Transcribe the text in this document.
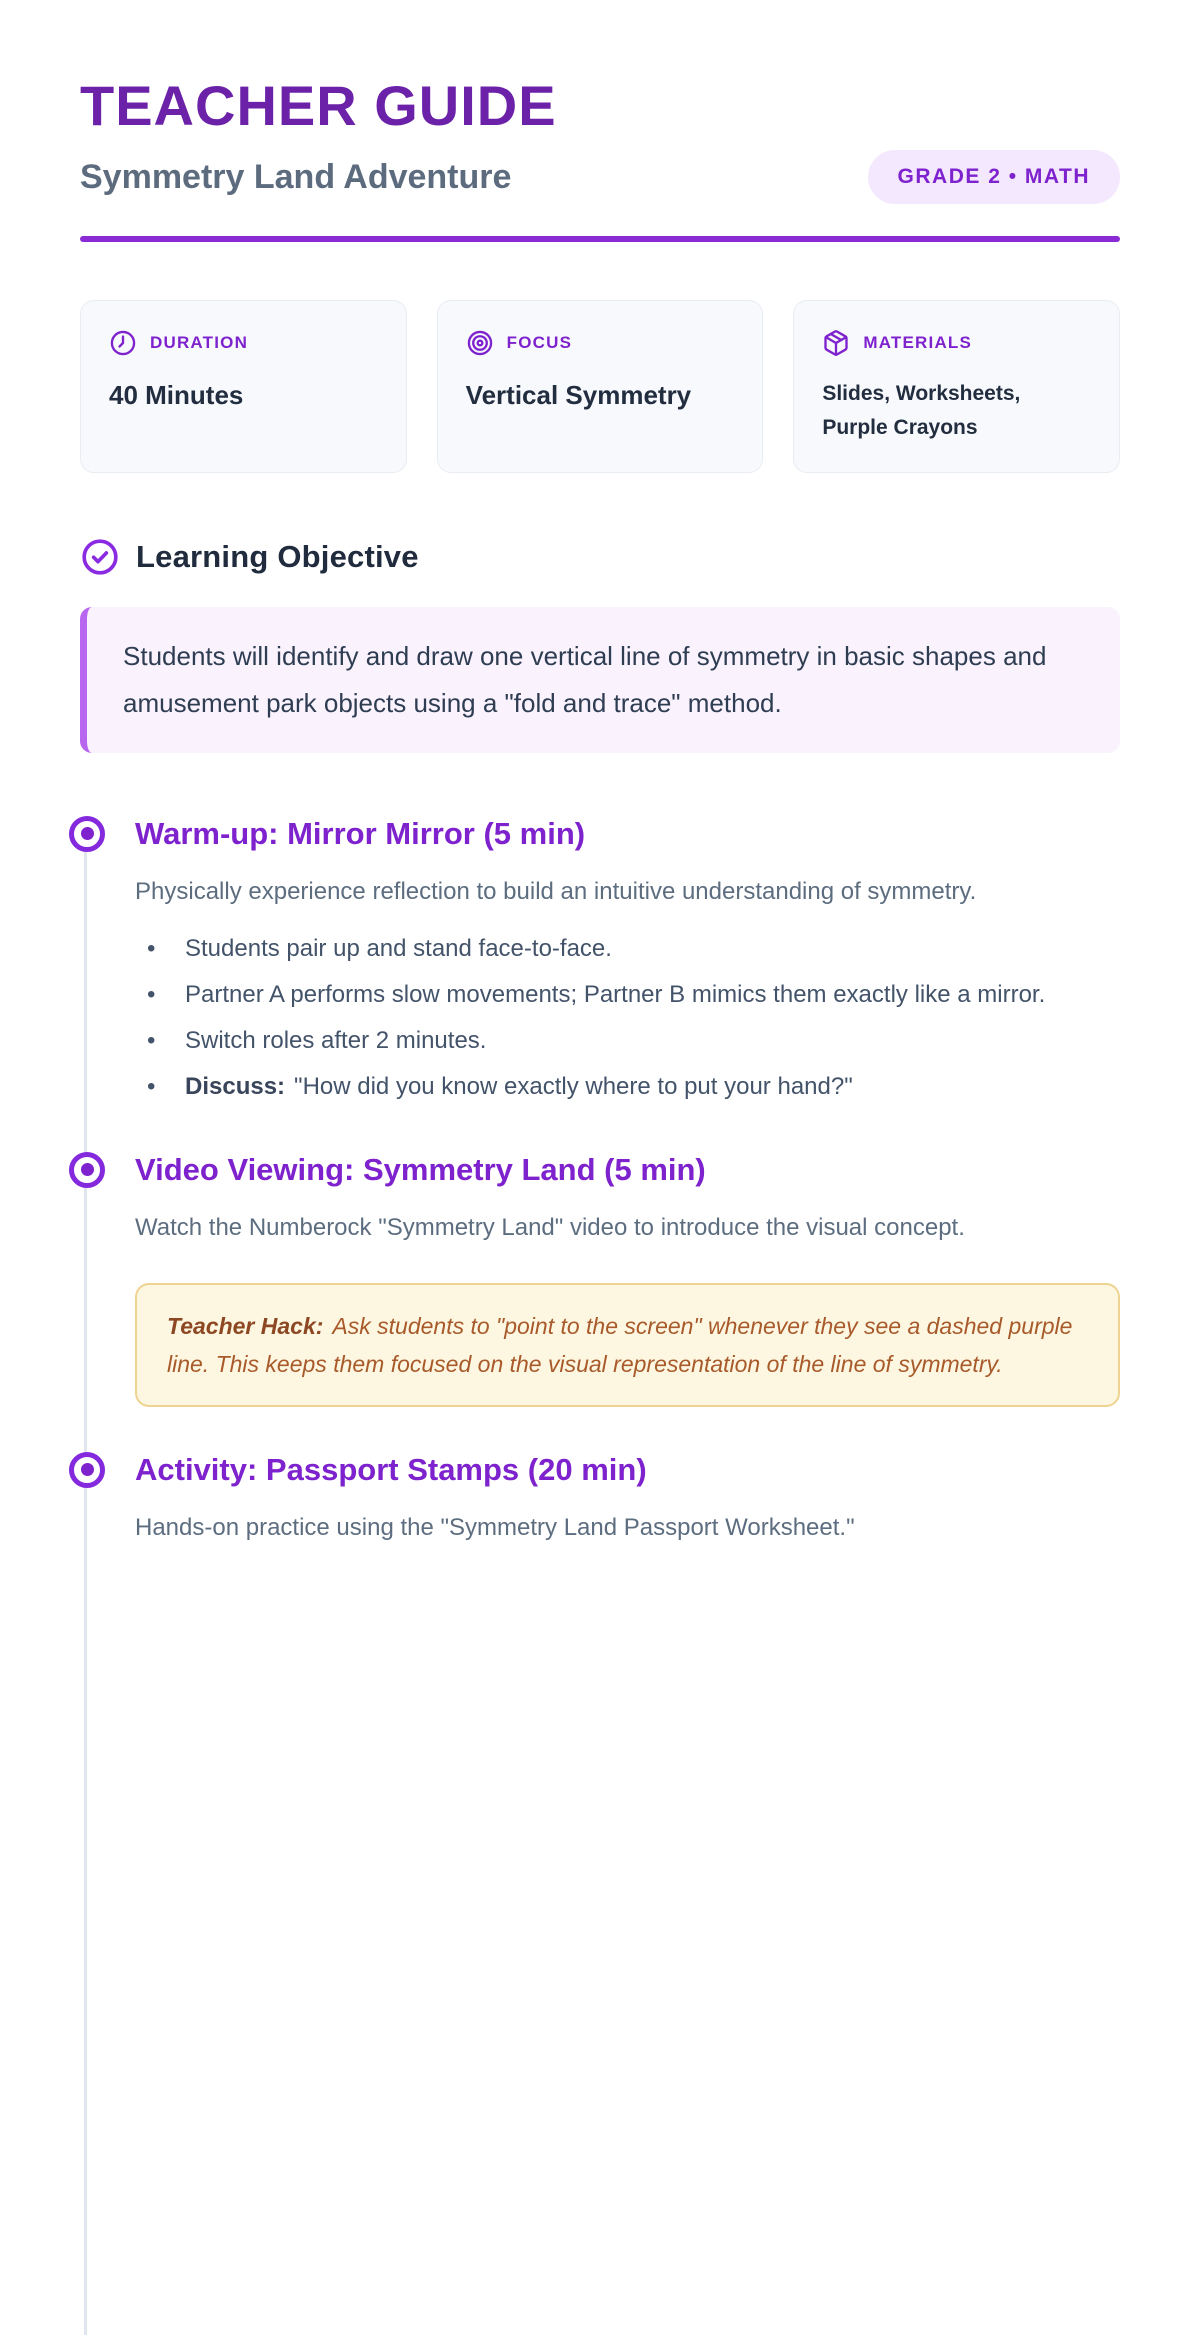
TEACHER GUIDE
Symmetry Land Adventure	GRADE 2 • MATH
DURATION
40 Minutes
FOCUS
Vertical Symmetry
MATERIALS
Slides, Worksheets, Purple Crayons
Learning Objective

Students will identify and draw one vertical line of symmetry in basic shapes and amusement park objects using a "fold and trace" method.

Warm-up: Mirror Mirror (5 min)

Physically experience reflection to build an intuitive understanding of symmetry.

• Students pair up and stand face-to-face.
• Partner A performs slow movements; Partner B mimics them exactly like a mirror.
• Switch roles after 2 minutes.
• Discuss: "How did you know exactly where to put your hand?"
Video Viewing: Symmetry Land (5 min)

Watch the Numberock "Symmetry Land" video to introduce the visual concept.

Teacher Hack: Ask students to "point to the screen" whenever they see a dashed purple line. This keeps them focused on the visual representation of the line of symmetry.
Activity: Passport Stamps (20 min)

Hands-on practice using the "Symmetry Land Passport Worksheet."
